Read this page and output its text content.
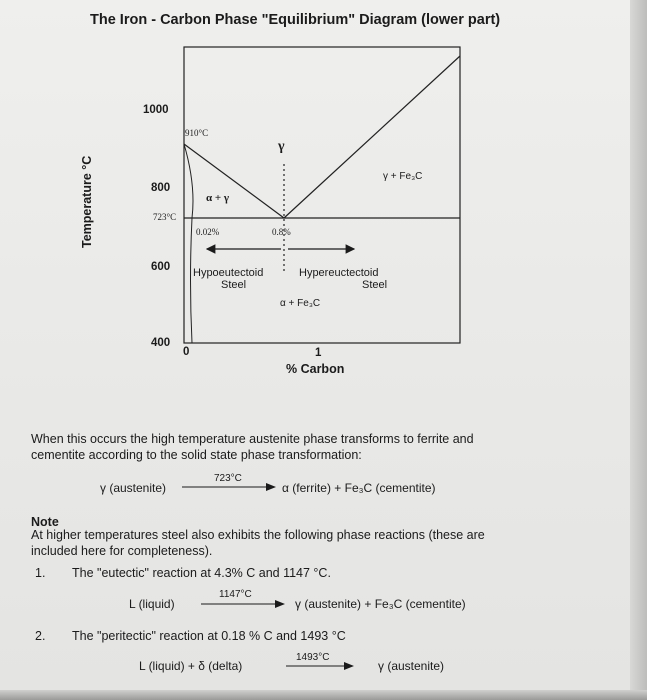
The Iron - Carbon Phase "Equilibrium" Diagram (lower part)
Temperature °C
1000
800
600
400
910°C
723°C
0.02%	0.8%
γ
γ + Fe₃C
α + γ
Hypoeutectoid
Steel
Hypereuctectoid
Steel
α + Fe₃C
0	1
% Carbon
When this occurs the high temperature austenite phase transforms to ferrite and
cementite according to the solid state phase transformation:
γ (austenite)
723°C
α (ferrite) + Fe₃C (cementite)
Note
At higher temperatures steel also exhibits the following phase reactions (these are
included here for completeness).
1. The "eutectic" reaction at 4.3% C and 1147 °C.
L (liquid)
1147°C
γ (austenite) + Fe₃C (cementite)
2. The "peritectic" reaction at 0.18 % C and 1493 °C
L (liquid) + δ (delta)
1493°C
γ (austenite)
